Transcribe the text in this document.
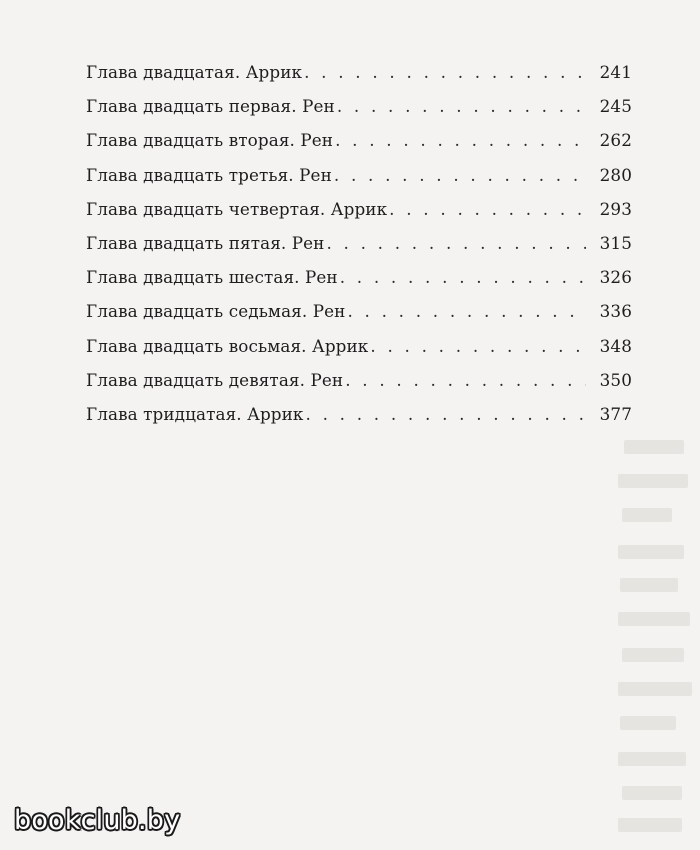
Глава двадцатая. Аррик . . .	241
Глава двадцать первая. Рен . . .	245
Глава двадцать вторая. Рен . . .	262
Глава двадцать третья. Рен . . .	280
Глава двадцать четвертая. Аррик . . .	293
Глава двадцать пятая. Рен . . .	315
Глава двадцать шестая. Рен . . .	326
Глава двадцать седьмая. Рен . . .	336
Глава двадцать восьмая. Аррик . . .	348
Глава двадцать девятая. Рен . . .	350
Глава тридцатая. Аррик . . .	377
bookclub.by
